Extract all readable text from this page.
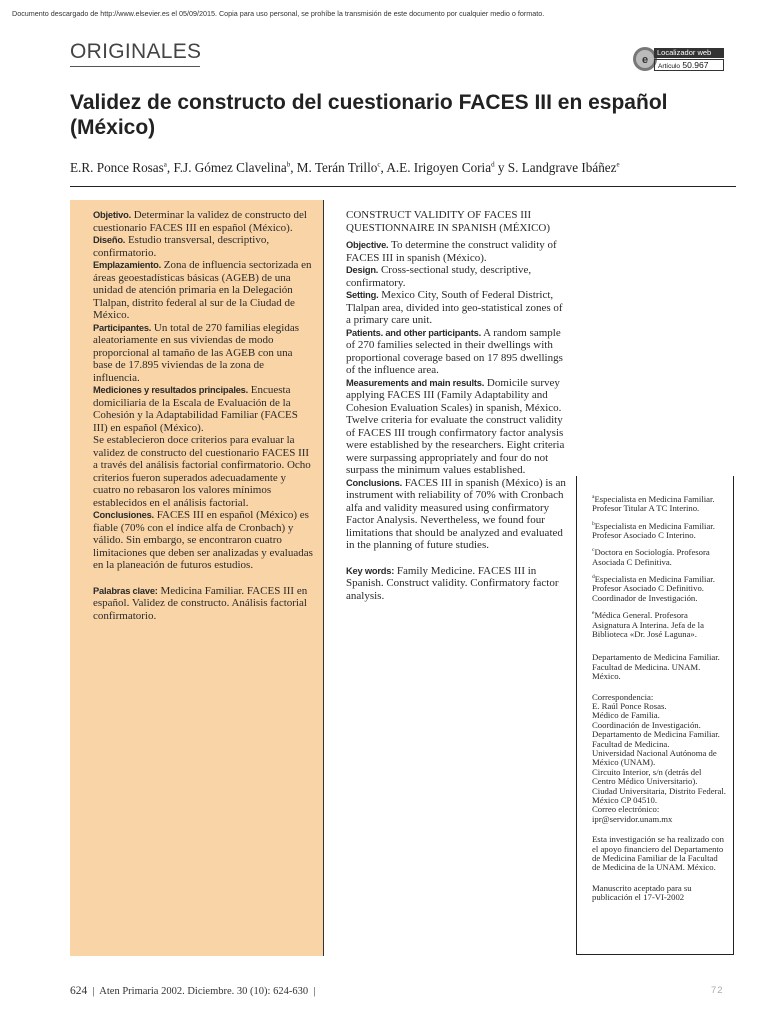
Documento descargado de http://www.elsevier.es el 05/09/2015. Copia para uso personal, se prohíbe la transmisión de este documento por cualquier medio o formato.
ORIGINALES	e
Localizador web
Artículo 50.967
Validez de constructo del cuestionario FACES III en español (México)
E.R. Ponce Rosas$^a$, F.J. Gómez Clavelina$^b$, M. Terán Trillo$^c$, A.E. Irigoyen Coria$^d$ y S. Landgrave Ibáñez$^e$

Objetivo. Determinar la validez de constructo del cuestionario FACES III en español (México).

Diseño. Estudio transversal, descriptivo, confirmatorio.

Emplazamiento. Zona de influencia sectorizada en áreas geoestadísticas básicas (AGEB) de una unidad de atención primaria en la Delegación Tlalpan, distrito federal al sur de la Ciudad de México.

Participantes. Un total de 270 familias elegidas aleatoriamente en sus viviendas de modo proporcional al tamaño de las AGEB con una base de 17.895 viviendas de la zona de influencia.

Mediciones y resultados principales. Encuesta domiciliaria de la Escala de Evaluación de la Cohesión y la Adaptabilidad Familiar (FACES III) en español (México).

Se establecieron doce criterios para evaluar la validez de constructo del cuestionario FACES III a través del análisis factorial confirmatorio. Ocho criterios fueron superados adecuadamente y cuatro no rebasaron los valores mínimos establecidos en el análisis factorial.

Conclusiones. FACES III en español (México) es fiable (70% con el índice alfa de Cronbach) y válido. Sin embargo, se encontraron cuatro limitaciones que deben ser analizadas y evaluadas en la planeación de futuros estudios.

Palabras clave: Medicina Familiar. FACES III en español. Validez de constructo. Análisis factorial confirmatorio.

CONSTRUCT VALIDITY OF FACES III QUESTIONNAIRE IN SPANISH (MÉXICO)

Objective. To determine the construct validity of FACES III in spanish (México).

Design. Cross-sectional study, descriptive, confirmatory.

Setting. Mexico City, South of Federal District, Tlalpan area, divided into geo-statistical zones of a primary care unit.

Patients. and other participants. A random sample of 270 families selected in their dwellings with proportional coverage based on 17 895 dwellings of the influence area.

Measurements and main results. Domicile survey applying FACES III (Family Adaptability and Cohesion Evaluation Scales) in spanish, México.

Twelve criteria for evaluate the construct validity of FACES III trough confirmatory factor analysis were established by the researchers. Eight criteria were surpassing appropriately and four do not surpass the minimum values established.

Conclusions. FACES III in spanish (México) is an instrument with reliability of 70% with Cronbach alfa and validity measured using confirmatory Factor Analysis. Nevertheless, we found four limitations that should be analyzed and evaluated in the planning of future studies.

Key words: Family Medicine. FACES III in Spanish. Construct validity. Confirmatory factor analysis.

$^a$Especialista en Medicina Familiar. Profesor Titular A TC Interino.

$^b$Especialista en Medicina Familiar. Profesor Asociado C Interino.

$^c$Doctora en Sociología. Profesora Asociada C Definitiva.

$^d$Especialista en Medicina Familiar. Profesor Asociado C Definitivo. Coordinador de Investigación.

$^e$Médica General. Profesora Asignatura A Interina. Jefa de la Biblioteca «Dr. José Laguna».

Departamento de Medicina Familiar. Facultad de Medicina. UNAM. México.
Correspondencia:
E. Raúl Ponce Rosas.
Médico de Familia.
Coordinación de Investigación.
Departamento de Medicina Familiar. Facultad de Medicina.
Universidad Nacional Autónoma de México (UNAM).
Circuito Interior, s/n (detrás del Centro Médico Universitario).
Ciudad Universitaria, Distrito Federal. México CP 04510.
Correo electrónico: ipr@servidor.unam.mx
Esta investigación se ha realizado con el apoyo financiero del Departamento de Medicina Familiar de la Facultad de Medicina de la UNAM. México.
Manuscrito aceptado para su publicación el 17-VI-2002
624  |  Aten Primaria 2002. Diciembre. 30 (10): 624-630  |	72
